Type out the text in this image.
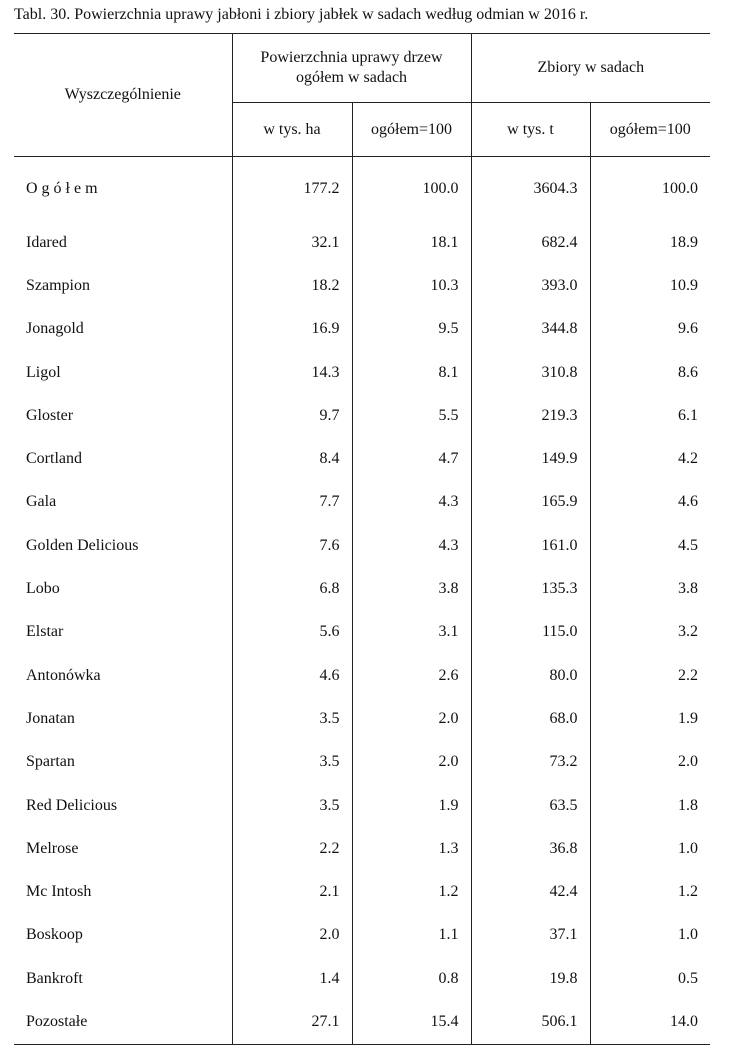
Tabl. 30. Powierzchnia uprawy jabłoni i zbiory jabłek w sadach według odmian w 2016 r.
Wyszczególnienie	Powierzchnia uprawy drzew ogółem w sadach		Zbiory w sadach	
	w tys. ha	ogółem=100	w tys. t	ogółem=100
O g ó ł e m	177.2	100.0	3604.3	100.0
Idared	32.1	18.1	682.4	18.9
Szampion	18.2	10.3	393.0	10.9
Jonagold	16.9	9.5	344.8	9.6
Ligol	14.3	8.1	310.8	8.6
Gloster	9.7	5.5	219.3	6.1
Cortland	8.4	4.7	149.9	4.2
Gala	7.7	4.3	165.9	4.6
Golden Delicious	7.6	4.3	161.0	4.5
Lobo	6.8	3.8	135.3	3.8
Elstar	5.6	3.1	115.0	3.2
Antonówka	4.6	2.6	80.0	2.2
Jonatan	3.5	2.0	68.0	1.9
Spartan	3.5	2.0	73.2	2.0
Red Delicious	3.5	1.9	63.5	1.8
Melrose	2.2	1.3	36.8	1.0
Mc Intosh	2.1	1.2	42.4	1.2
Boskoop	2.0	1.1	37.1	1.0
Bankroft	1.4	0.8	19.8	0.5
Pozostałe	27.1	15.4	506.1	14.0
